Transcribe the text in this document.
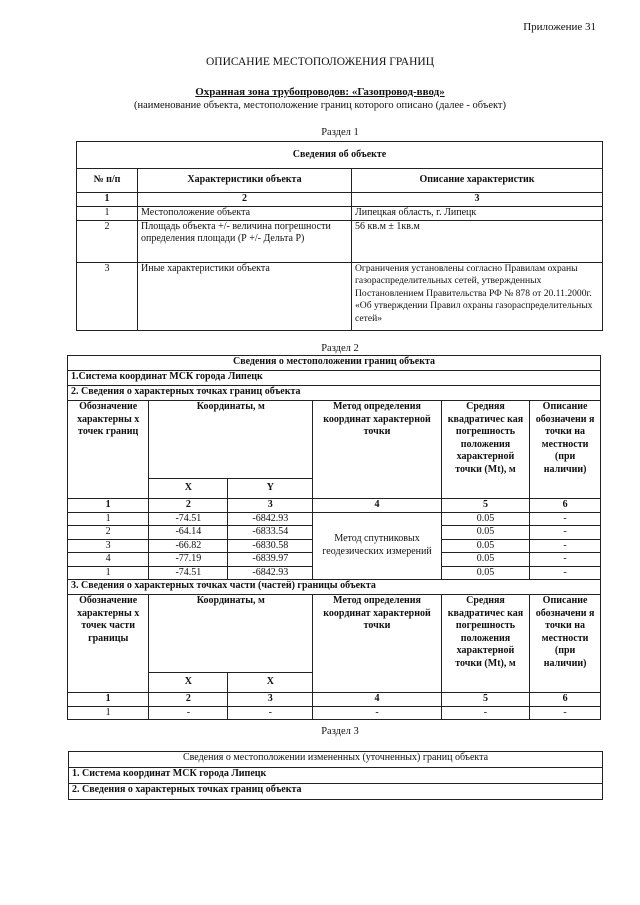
Приложение 31
ОПИСАНИЕ МЕСТОПОЛОЖЕНИЯ ГРАНИЦ
Охранная зона трубопроводов: «Газопровод-ввод»
(наименование объекта, местоположение границ которого описано (далее - объект)
Раздел 1
Сведения об объекте		
№ п/п	Характеристики объекта	Описание характеристик
1	2	3
1	Местоположение объекта	Липецкая область, г. Липецк
2	Площадь объекта +/- величина погрешности определения площади (Р +/- Дельта Р)	56 кв.м ± 1кв.м
3	Иные характеристики объекта	Ограничения установлены согласно Правилам охраны газораспределительных сетей, утвержденных Постановлением Правительства РФ № 878 от 20.11.2000г. «Об утверждении Правил охраны газораспределительных сетей»
Раздел 2
Сведения о местоположении границ объекта					
1.Система координат МСК города Липецк					
2. Сведения о характерных точках границ объекта					
Обозначение характерны х точек границ	Координаты, м		Метод определения координат характерной точки	Средняя квадратичес кая погрешность положения характерной точки (Mt), м	Описание обозначени я точки на местности (при наличии)
	X	Y			
1	2	3	4	5	6
1	-74.51	-6842.93	Метод спутниковых геодезических измерений	0.05	-
2	-64.14	-6833.54		0.05	-
3	-66.82	-6830.58		0.05	-
4	-77.19	-6839.97		0.05	-
1	-74.51	-6842.93		0.05	-
3. Сведения о характерных точках части (частей) границы объекта					
Обозначение характерны х точек части границы	Координаты, м		Метод определения координат характерной точки	Средняя квадратичес кая погрешность положения характерной точки (Mt), м	Описание обозначени я точки на местности (при наличии)
	X	X			
1	2	3	4	5	6
1	-	-	-	-	-
Раздел 3
Сведения о местоположении измененных (уточненных) границ объекта
1. Система координат МСК города Липецк
2. Сведения о характерных точках границ объекта
